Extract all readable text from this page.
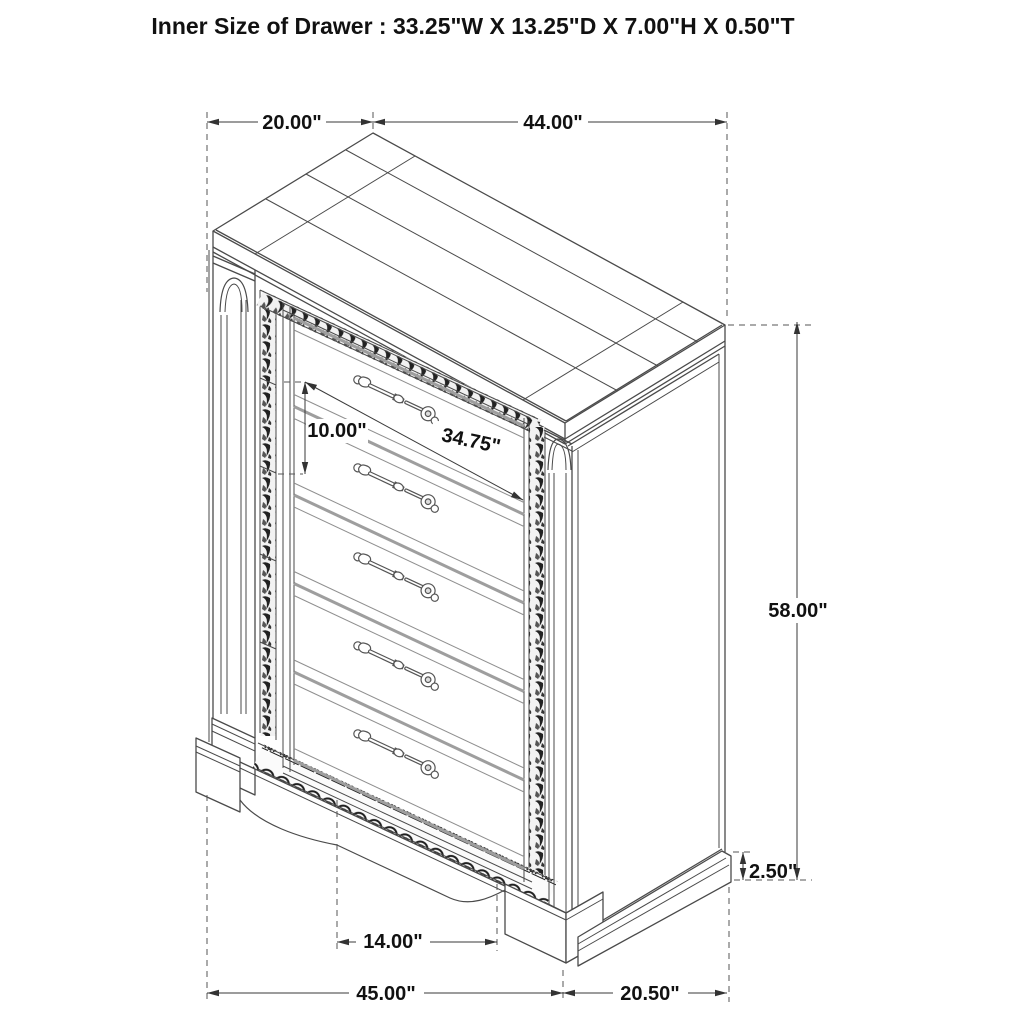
Inner Size of Drawer : 33.25"W X 13.25"D X 7.00"H X 0.50"T
20.00"	44.00"
58.00"
2.50"
14.00"
45.00"	20.50"
10.00"	34.75"
